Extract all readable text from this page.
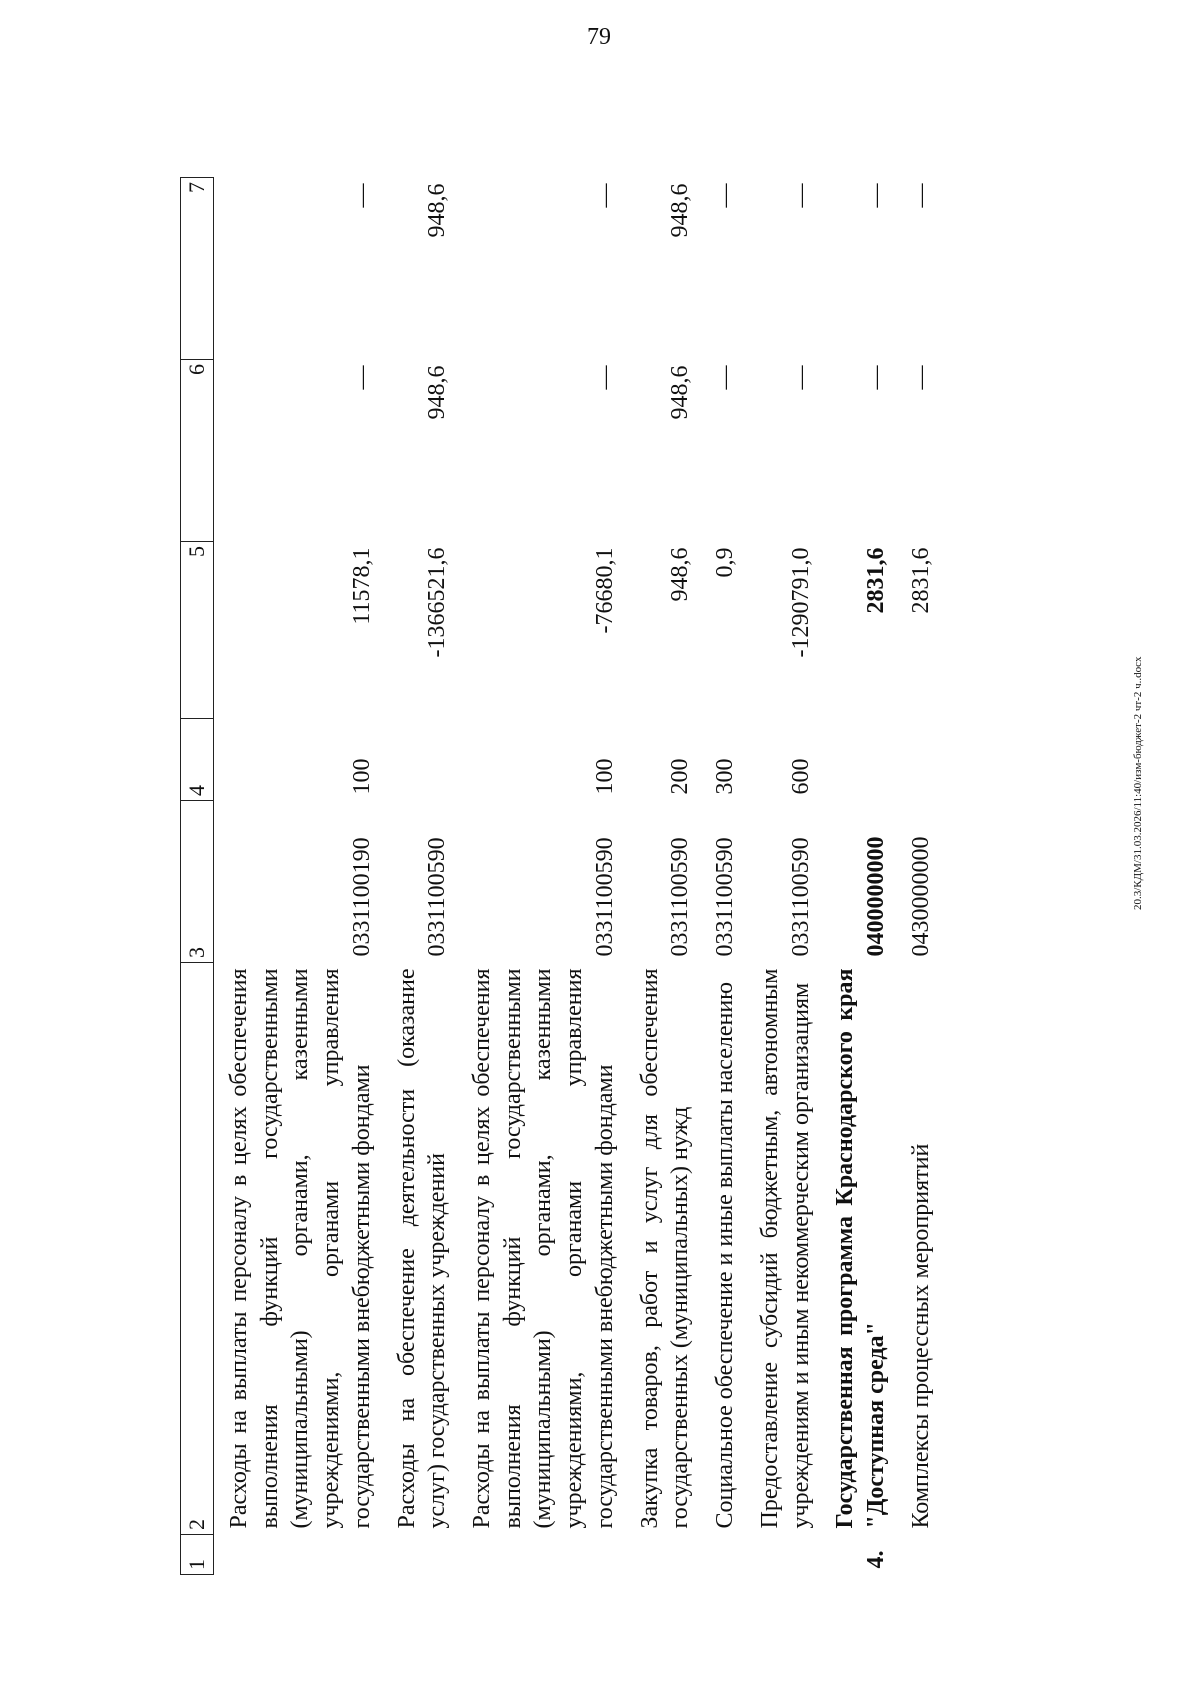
79
20.3/КДМ/31.03.2026/11:40/изм-бюджет-2 чт-2 ч..docx
1	2	3	4	5	6	7
	Расходы на выплаты персоналу в целях обеспечения выполнения функций государственными (муниципальными) органами, казенными учреждениями, органами управления государственными внебюджетными фондами	0331100190	100	11578,1	—	—
	Расходы на обеспечение деятельности (оказание услуг) государственных учреждений	0331100590		-1366521,6	948,6	948,6
	Расходы на выплаты персоналу в целях обеспечения выполнения функций государственными (муниципальными) органами, казенными учреждениями, органами управления государственными внебюджетными фондами	0331100590	100	-76680,1	—	—
	Закупка товаров, работ и услуг для обеспечения государственных (муниципальных) нужд	0331100590	200	948,6	948,6	948,6
	Социальное обеспечение и иные выплаты населению	0331100590	300	0,9	—	—
	Предоставление субсидий бюджетным, автономным учреждениям и иным некоммерческим организациям	0331100590	600	-1290791,0	—	—
4.	Государственная программа Краснодарского края "Доступная среда"	0400000000		2831,6	—	—
	Комплексы процессных мероприятий	0430000000		2831,6	—	—
